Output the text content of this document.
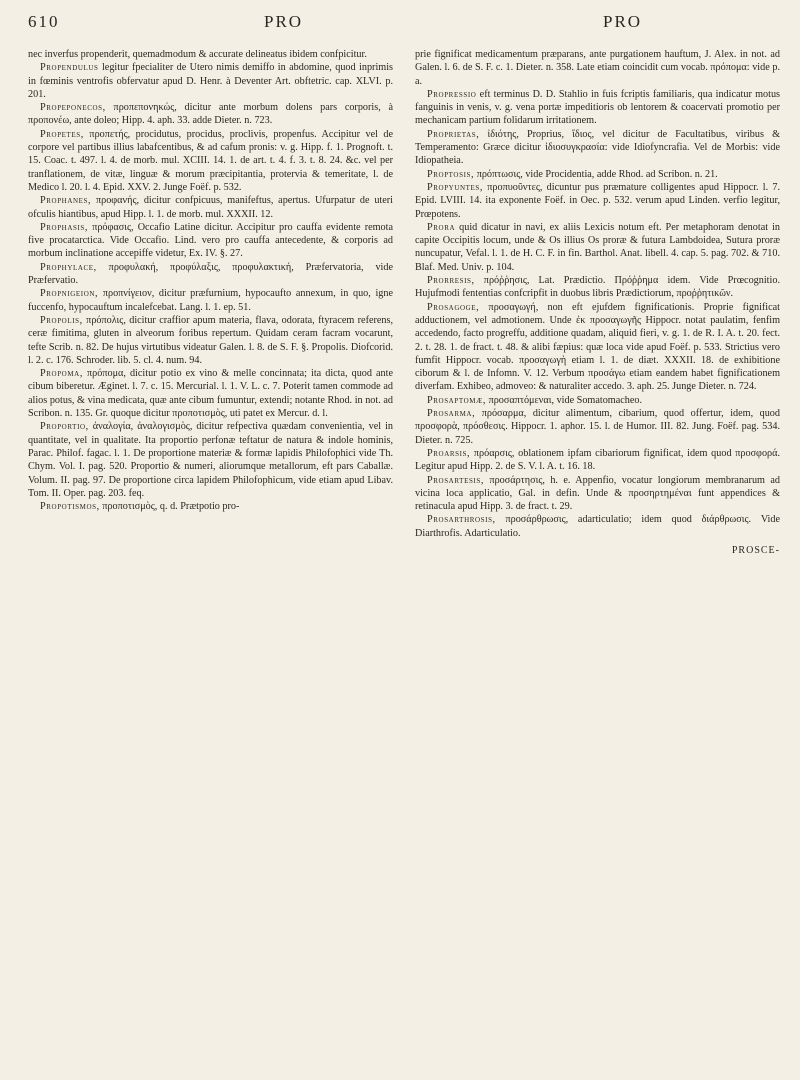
610	PRO	PRO

nec inverfus propenderit, quemadmodum & accurate delineatus ibidem confpicitur.

Propendulus legitur fpecialiter de Utero nimis demiffo in abdomine, quod inprimis in fœminis ventrofis obfervatur apud D. Henr. à Deventer Art. obftetric. cap. XLVI. p. 201.

Propeponecos, προπεπονηκώς, dicitur ante morbum dolens pars corporis, à προπονέω, ante doleo; Hipp. 4. aph. 33. adde Dieter. n. 723.

Propetes, προπετής, procidutus, procidus, proclivis, propenfus. Accipitur vel de corpore vel partibus illius labafcentibus, & ad cafum pronis: v. g. Hipp. f. 1. Prognoft. t. 15. Coac. t. 497. l. 4. de morb. mul. XCIII. 14. 1. de art. t. 4. f. 3. t. 8. 24. &c. vel per tranflationem, de vitæ, linguæ & morum præcipitantia, protervia & temeritate, l. de Medico l. 20. l. 4. Epid. XXV. 2. Junge Foëf. p. 532.

Prophanes, προφανής, dicitur confpicuus, manifeftus, apertus. Ufurpatur de uteri ofculis hiantibus, apud Hipp. l. 1. de morb. mul. XXXII. 12.

Prophasis, πρόφασις, Occafio Latine dicitur. Accipitur pro cauffa evidente remota five procatarctica. Vide Occafio. Lind. vero pro cauffa antecedente, & corporis ad morbum inclinatione accepiffe videtur, Ex. IV. §. 27.

Prophylace, προφυλακή, προφύλαξις, προφυλακτική, Præfervatoria, vide Præfervatio.

Propnigeion, προπνίγειον, dicitur præfurnium, hypocaufto annexum, in quo, igne fuccenfo, hypocauftum incalefcebat. Lang. l. 1. ep. 51.

Propolis, πρόπολις, dicitur craffior apum materia, flava, odorata, ftyracem referens, ceræ fimitima, gluten in alveorum foribus repertum. Quidam ceram facram vocarunt, tefte Scrib. n. 82. De hujus virtutibus videatur Galen. l. 8. de S. F. §. Propolis. Diofcorid. l. 2. c. 176. Schroder. lib. 5. cl. 4. num. 94.

Propoma, πρόπομα, dicitur potio ex vino & melle concinnata; ita dicta, quod ante cibum biberetur. Æginet. l. 7. c. 15. Mercurial. l. 1. V. L. c. 7. Poterit tamen commode ad alios potus, & vina medicata, quæ ante cibum fumuntur, extendi; notante Rhod. in not. ad Scribon. n. 135. Gr. quoque dicitur προποτισμὸς, uti patet ex Mercur. d. l.

Proportio, ἀναλογία, ἀναλογισμὸς, dicitur refpectiva quædam convenientia, vel in quantitate, vel in qualitate. Ita proportio perfonæ teftatur de natura & indole hominis, Parac. Philof. fagac. l. 1. De proportione materiæ & formæ lapidis Philofophici vide Th. Chym. Vol. I. pag. 520. Proportio & numeri, aliorumque metallorum, eft pars Caballæ. Volum. II. pag. 97. De proportione circa lapidem Philofophicum, vide etiam apud Libav. Tom. II. Oper. pag. 203. feq.

Propotismos, προποτισμὸς, q. d. Prætpotio pro-

prie fignificat medicamentum præparans, ante purgationem hauftum, J. Alex. in not. ad Galen. l. 6. de S. F. c. 1. Dieter. n. 358. Late etiam coincidit cum vocab. πρόπομα: vide p. a.

Propressio eft terminus D. D. Stahlio in fuis fcriptis familiaris, qua indicatur motus fanguinis in venis, v. g. vena portæ impeditioris ob lentorem & coacervati promotio per mechanicam partium folidarum irritationem.

Proprietas, ἰδιότης, Proprius, ἴδιος, vel dicitur de Facultatibus, viribus & Temperamento: Græce dicitur ἰδιοσυγκρασία: vide Idiofyncrafia. Vel de Morbis: vide Idiopatheia.

Proptosis, πρόπτωσις, vide Procidentia, adde Rhod. ad Scribon. n. 21.

Propyuntes, προπυοῦντες, dicuntur pus præmature colligentes apud Hippocr. l. 7. Epid. LVIII. 14. ita exponente Foëf. in Oec. p. 532. verum apud Linden. verfio legitur, Prœpotens.

Prora quid dicatur in navi, ex aliis Lexicis notum eft. Per metaphoram denotat in capite Occipitis locum, unde & Os illius Os proræ & futura Lambdoidea, Sutura proræ nuncupatur, Vefal. l. 1. de H. C. F. in fin. Barthol. Anat. libell. 4. cap. 5. pag. 702. & 710. Blaf. Med. Univ. p. 104.

Prorresis, πρόῤῥησις, Lat. Prædictio. Πρόῤῥημα idem. Vide Prœcognitio. Hujufmodi fententias confcripfit in duobus libris Prædictiorum, προῤῥητικῶν.

Prosagoge, προσαγωγή, non eft ejufdem fignificationis. Proprie fignificat adductionem, vel admotionem. Unde ἐκ προσαγωγῆς Hippocr. notat paulatim, fenfim accedendo, facto progreffu, additione quadam, aliquid fieri, v. g. 1. de R. I. A. t. 20. fect. 2. t. 28. 1. de fract. t. 48. & alibi fæpius: quæ loca vide apud Foëf. p. 533. Strictius vero fumfit Hippocr. vocab. προσαγωγὴ etiam l. 1. de diæt. XXXII. 18. de exhibitione ciborum & l. de Infomn. V. 12. Verbum προσάγω etiam eandem habet fignificationem diverfam. Exhibeo, admoveo: & naturaliter accedo. 3. aph. 25. Junge Dieter. n. 724.

Prosaptomæ, προσαπτόμεναι, vide Somatomacheo.

Prosarma, πρόσαρμα, dicitur alimentum, cibarium, quod offertur, idem, quod προσφορὰ, πρόσθεσις. Hippocr. 1. aphor. 15. l. de Humor. III. 82. Jung. Foëf. pag. 534. Dieter. n. 725.

Proarsis, πρόαρσις, oblationem ipfam cibariorum fignificat, idem quod προσφορά. Legitur apud Hipp. 2. de S. V. l. A. t. 16. 18.

Prosartesis, προσάρτησις, h. e. Appenfio, vocatur longiorum membranarum ad vicina loca applicatio, Gal. in defin. Unde & προσηρτημέναι funt appendices & retinacula apud Hipp. 3. de fract. t. 29.

Prosarthrosis, προσάρθρωσις, adarticulatio; idem quod διάρθρωσις. Vide Diarthrofis. Adarticulatio.

PROSCE-
